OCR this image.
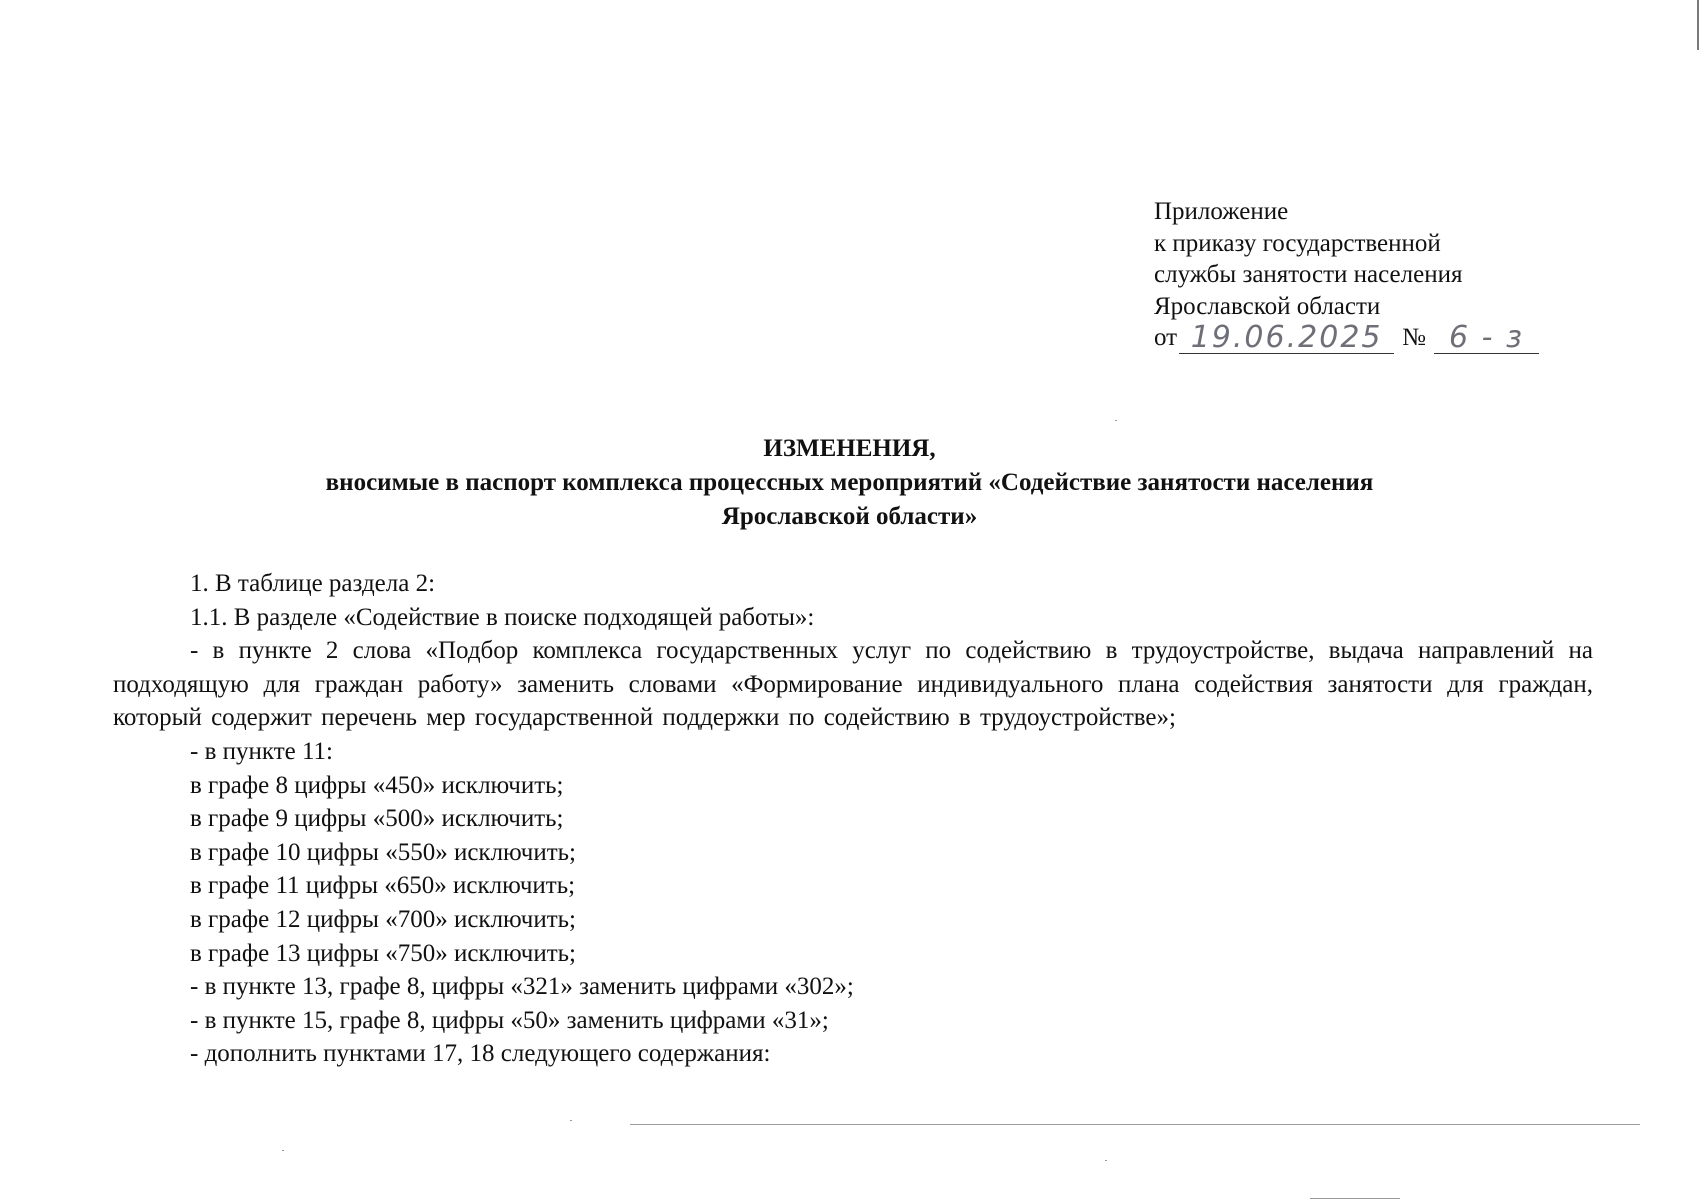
Приложение
к приказу государственной
службы занятости населения
Ярославской области
от 19.06.2025 № 6 - з
ИЗМЕНЕНИЯ,
вносимые в паспорт комплекса процессных мероприятий «Содействие занятости населения
Ярославской области»
1. В таблице раздела 2:
1.1. В разделе «Содействие в поиске подходящей работы»:
- в пункте 2 слова «Подбор комплекса государственных услуг по содействию в трудоустройстве, выдача направлений на подходящую для граждан работу» заменить словами «Формирование индивидуального плана содействия занятости для граждан, который содержит перечень мер государственной поддержки по содействию в трудоустройстве»;
- в пункте 11:
в графе 8 цифры «450» исключить;
в графе 9 цифры «500» исключить;
в графе 10 цифры «550» исключить;
в графе 11 цифры «650» исключить;
в графе 12 цифры «700» исключить;
в графе 13 цифры «750» исключить;
- в пункте 13, графе 8, цифры «321» заменить цифрами «302»;
- в пункте 15, графе 8, цифры «50» заменить цифрами «31»;
- дополнить пунктами 17, 18 следующего содержания:
